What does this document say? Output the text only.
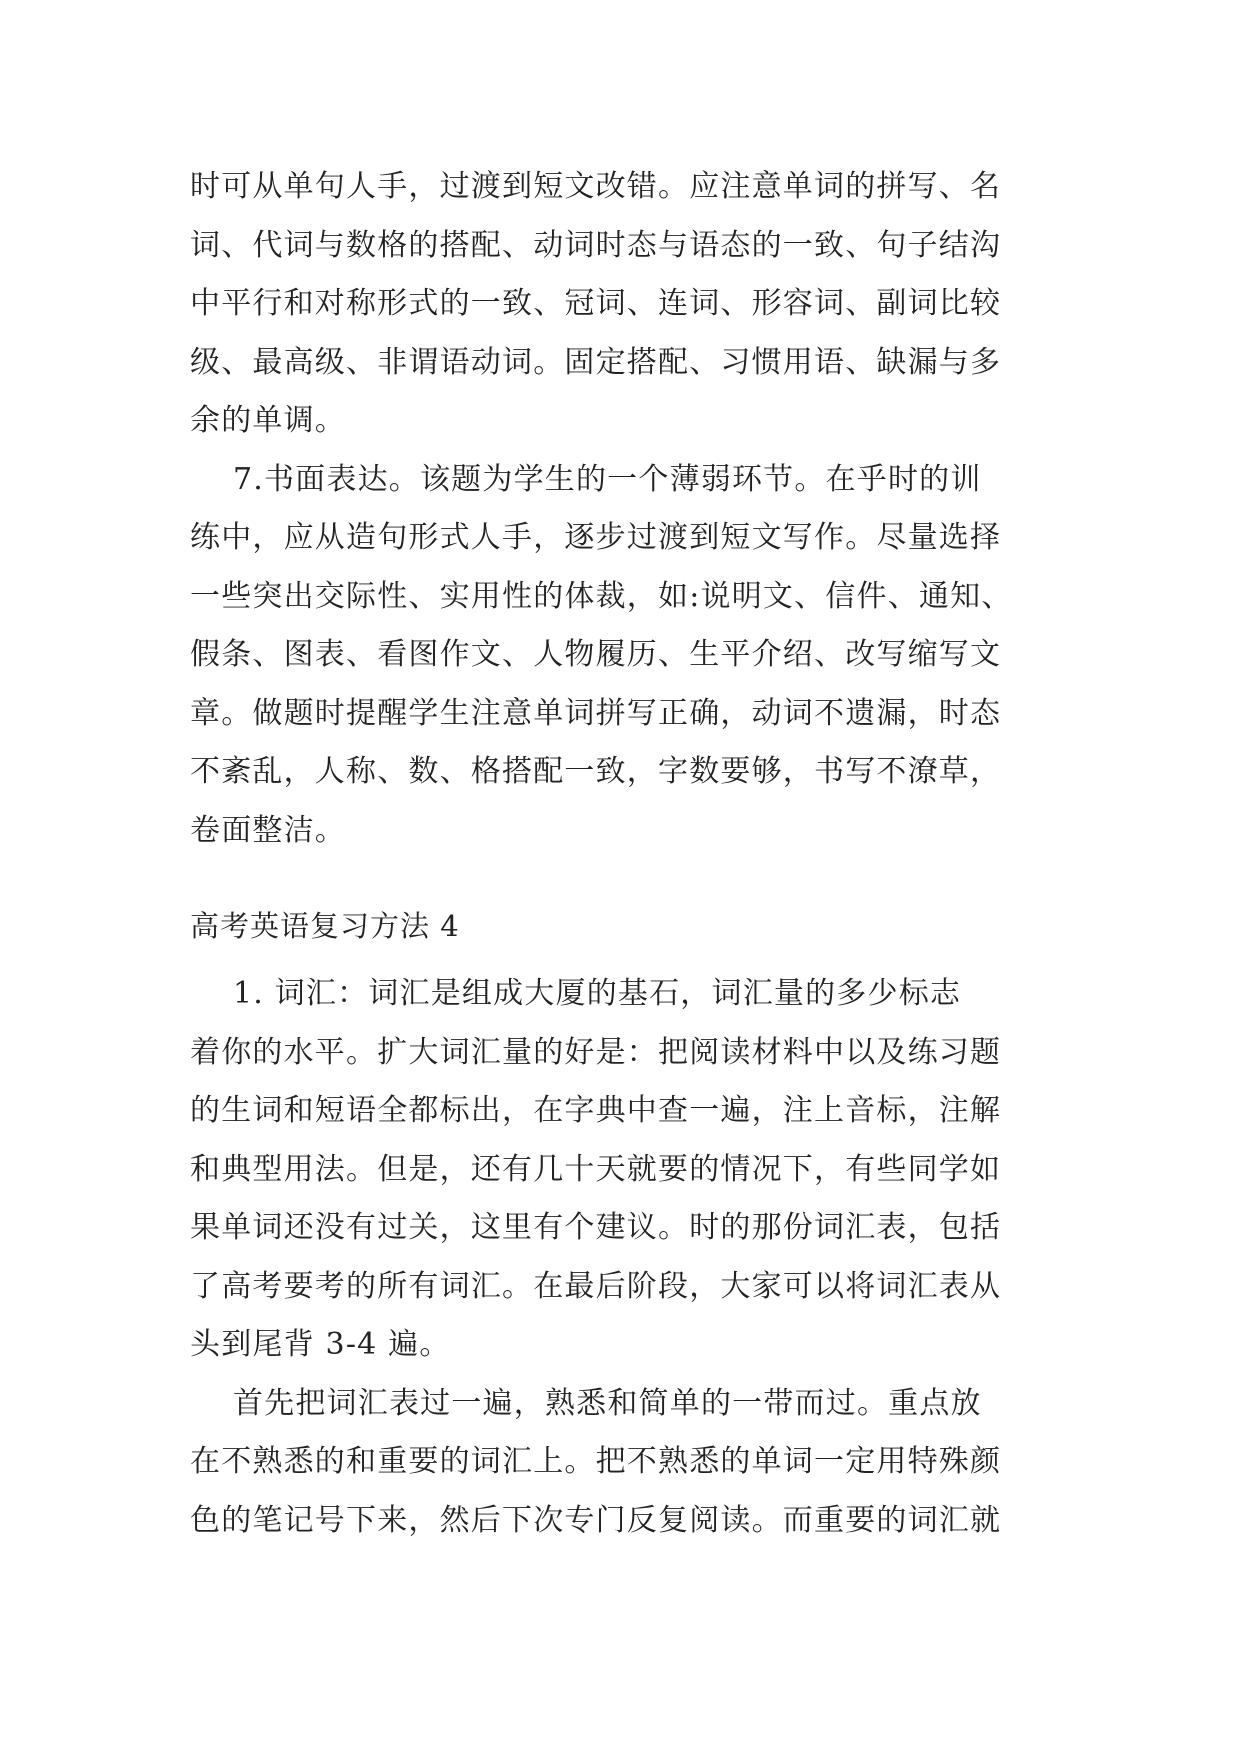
时可从单句人手，过渡到短文改错。应注意单词的拼写、名
词、代词与数格的搭配、动词时态与语态的一致、句子结沟
中平行和对称形式的一致、冠词、连词、形容词、副词比较
级、最高级、非谓语动词。固定搭配、习惯用语、缺漏与多
余的单调。
7.书面表达。该题为学生的一个薄弱环节。在乎时的训
练中，应从造句形式人手，逐步过渡到短文写作。尽量选择
一些突出交际性、实用性的体裁，如:说明文、信件、通知、
假条、图表、看图作文、人物履历、生平介绍、改写缩写文
章。做题时提醒学生注意单词拼写正确，动词不遗漏，时态
不紊乱，人称、数、格搭配一致，字数要够，书写不潦草，
卷面整洁。
高考英语复习方法 4
1. 词汇：词汇是组成大厦的基石，词汇量的多少标志
着你的水平。扩大词汇量的好是：把阅读材料中以及练习题
的生词和短语全都标出，在字典中查一遍，注上音标，注解
和典型用法。但是，还有几十天就要的情况下，有些同学如
果单词还没有过关，这里有个建议。时的那份词汇表，包括
了高考要考的所有词汇。在最后阶段，大家可以将词汇表从
头到尾背 3-4 遍。
首先把词汇表过一遍，熟悉和简单的一带而过。重点放
在不熟悉的和重要的词汇上。把不熟悉的单词一定用特殊颜
色的笔记号下来，然后下次专门反复阅读。而重要的词汇就
